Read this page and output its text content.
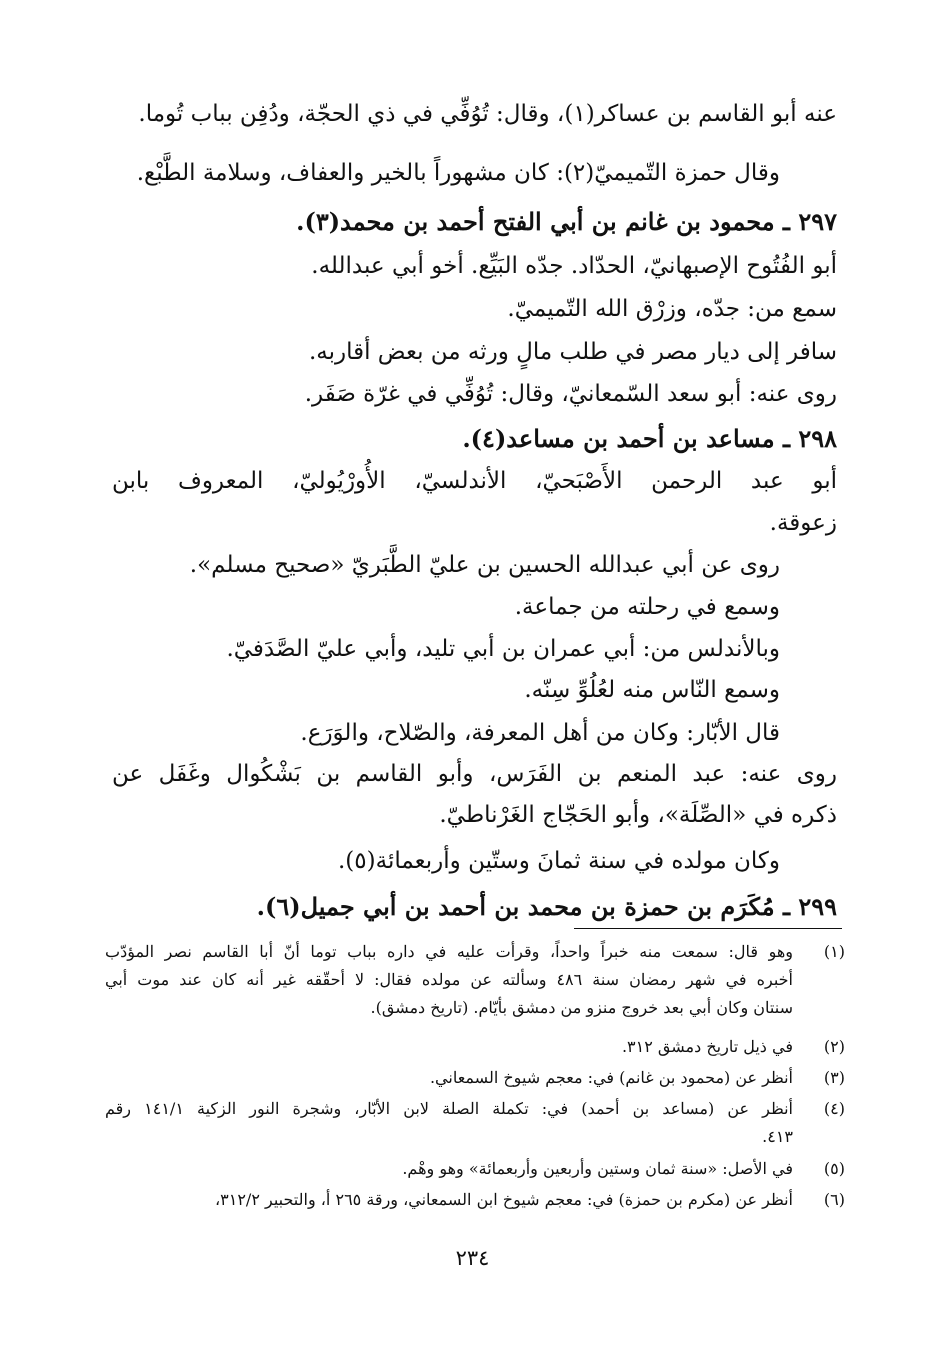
عنه أبو القاسم بن عساكر(١)، وقال: تُوُفِّي في ذي الحجّة، ودُفِن بباب تُوما.
وقال حمزة التّميميّ(٢): كان مشهوراً بالخير والعفاف، وسلامة الطَّبْع.
٢٩٧ ـ محمود بن غانم بن أبي الفتح أحمد بن محمد(٣).
أبو الفُتُوح الإصبهانيّ، الحدّاد. جدّه البَيِّع. أخو أبي عبدالله.
سمع من: جدّه، وزرْق الله التّميميّ.
سافر إلى ديار مصر في طلب مالٍ ورثه من بعض أقاربه.
روى عنه: أبو سعد السّمعانيّ، وقال: تُوُفِّي في غرّة صَفَر.
٢٩٨ ـ مساعد بن أحمد بن مساعد(٤).
أبو عبد الرحمن الأَصْبَحيّ، الأندلسيّ، الأُورْيُوليّ، المعروف بابن
زعوقة.
روى عن أبي عبدالله الحسين بن عليّ الطَّبَريّ «صحيح مسلم».
وسمع في رحلته من جماعة.
وبالأندلس من: أبي عمران بن أبي تليد، وأبي عليّ الصَّدَفيّ.
وسمع النّاس منه لعُلُوِّ سِنّه.
قال الأبّار: وكان من أهل المعرفة، والصّلاح، والوَرَع.
روى عنه: عبد المنعم بن الفَرَس، وأبو القاسم بن بَشْكُوال وغَفَل عن
ذكره في «الصِّلَة»، وأبو الحَجّاج الغَرْناطيّ.
وكان مولده في سنة ثمانَ وستّين وأربعمائة(٥).
٢٩٩ ـ مُكَرَم بن حمزة بن محمد بن أحمد بن أبي جميل(٦).
(١)
وهو قال: سمعت منه خبراً واحداً، وقرأت عليه في داره بباب توما أنّ أبا القاسم نصر المؤدّب
أخبره في شهر رمضان سنة ٤٨٦ وسألته عن مولده فقال: لا أحقّقه غير أنه كان عند موت أبي
سنتان وكان أبي بعد خروج منزو من دمشق بأيّام. (تاريخ دمشق).
(٢)
في ذيل تاريخ دمشق ٣١٢.
(٣)
أنظر عن (محمود بن غانم) في: معجم شيوخ السمعاني.
(٤)
أنظر عن (مساعد بن أحمد) في: تكملة الصلة لابن الأبّار، وشجرة النور الزكية ١٤١/١ رقم
٤١٣.
(٥)
في الأصل: «سنة ثمان وستين وأربعين وأربعمائة» وهو وهْم.
(٦)
أنظر عن (مكرم بن حمزة) في: معجم شيوخ ابن السمعاني، ورقة ٢٦٥ أ، والتحبير ٣١٢/٢،
٢٣٤
